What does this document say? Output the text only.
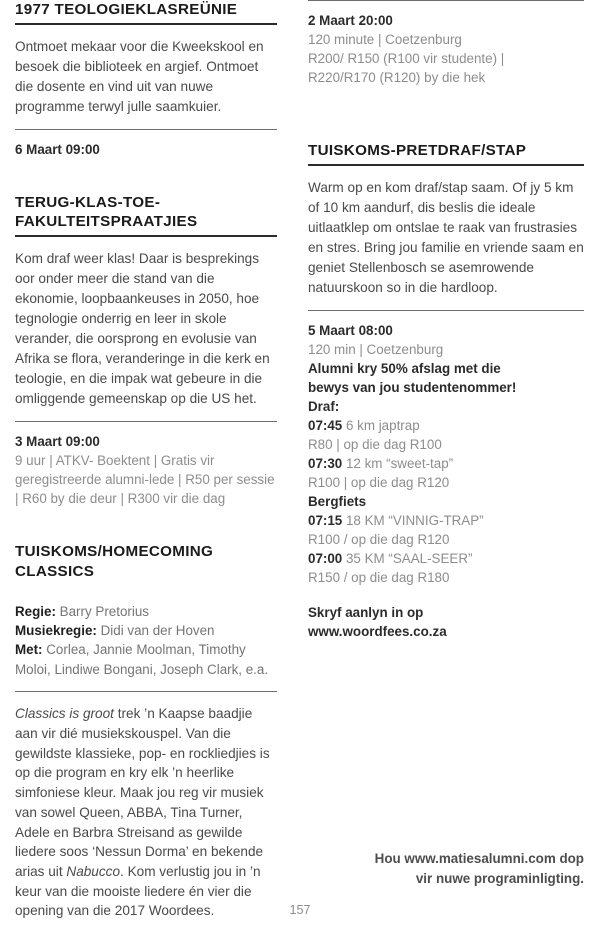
1977 TEOLOGIEKLASREÜNIE

Ontmoet mekaar voor die Kweekskool en besoek die biblioteek en argief. Ontmoet die dosente en vind uit van nuwe programme terwyl julle saamkuier.

6 Maart 09:00

TERUG-KLAS-TOE-
FAKULTEITSPRAATJIES

Kom draf weer klas! Daar is besprekings oor onder meer die stand van die ekonomie, loopbaankeuses in 2050, hoe tegnologie onderrig en leer in skole verander, die oorsprong en evolusie van Afrika se flora, veranderinge in die kerk en teologie, en die impak wat gebeure in die omliggende gemeenskap op die US het.

3 Maart 09:00

9 uur | ATKV- Boektent | Gratis vir geregistreerde alumni-lede | R50 per sessie | R60 by die deur | R300 vir die dag

TUISKOMS/HOMECOMING
CLASSICS

Regie: Barry Pretorius

Musiekregie: Didi van der Hoven

Met: Corlea, Jannie Moolman, Timothy Moloi, Lindiwe Bongani, Joseph Clark, e.a.

Classics is groot trek ’n Kaapse baadjie aan vir dié musiekskouspel. Van die gewildste klassieke, pop- en rockliedjies is op die program en kry elk ’n heerlike simfoniese kleur. Maak jou reg vir musiek van sowel Queen, ABBA, Tina Turner, Adele en Barbra Streisand as gewilde liedere soos ‘Nessun Dorma’ en bekende arias uit Nabucco. Kom verlustig jou in ’n keur van die mooiste liedere én vier die opening van die 2017 Woordees.

2 Maart 20:00

120 minute | Coetzenburg

R200/ R150 (R100 vir studente) |

R220/R170 (R120) by die hek

TUISKOMS-PRETDRAF/STAP

Warm op en kom draf/stap saam. Of jy 5 km of 10 km aandurf, dis beslis die ideale uitlaatklep om ontslae te raak van frustrasies en stres. Bring jou familie en vriende saam en geniet Stellenbosch se asemrowende natuurskoon so in die hardloop.

5 Maart 08:00

120 min | Coetzenburg

Alumni kry 50% afslag met die

bewys van jou studentenommer!

Draf:
07:45 6 km japtrap
R80 | op die dag R100
07:30 12 km “sweet-tap”
R100 | op die dag R120
Bergfiets
07:15 18 KM “VINNIG-TRAP”
R100 / op die dag R120
07:00 35 KM “SAAL-SEER”
R150 / op die dag R180

Skryf aanlyn in op

www.woordfees.co.za

Hou www.matiesalumni.com dop
vir nuwe programinligting.
157
